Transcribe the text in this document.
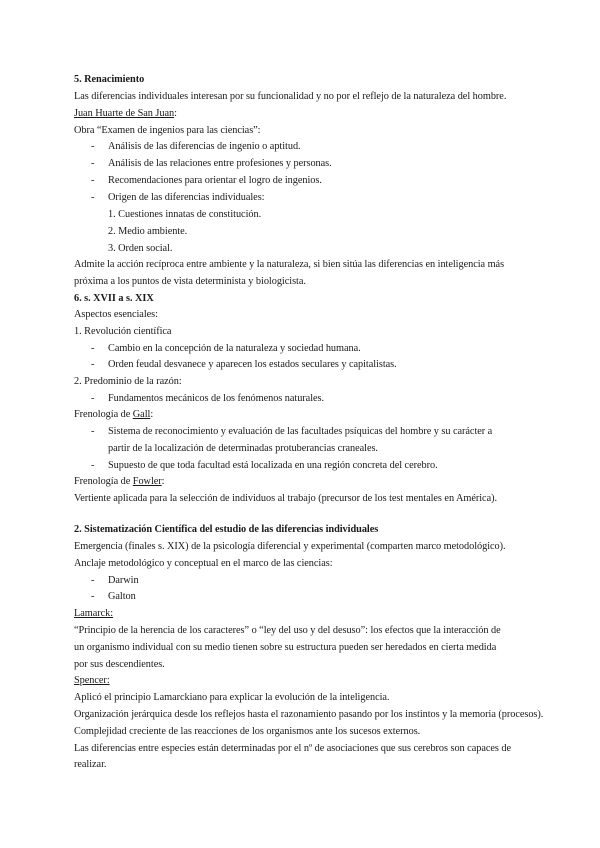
5. Renacimiento
Las diferencias individuales interesan por su funcionalidad y no por el reflejo de la naturaleza del hombre.
Juan Huarte de San Juan:
Obra “Examen de ingenios para las ciencias”:
- Análisis de las diferencias de ingenio o aptitud.
- Análisis de las relaciones entre profesiones y personas.
- Recomendaciones para orientar el logro de ingenios.
- Origen de las diferencias individuales:
1. Cuestiones innatas de constitución.
2. Medio ambiente.
3. Orden social.
Admite la acción recíproca entre ambiente y la naturaleza, si bien sitúa las diferencias en inteligencia más
próxima a los puntos de vista determinista y biologicista.
6. s. XVII a s. XIX
Aspectos esenciales:
1. Revolución científica
- Cambio en la concepción de la naturaleza y sociedad humana.
- Orden feudal desvanece y aparecen los estados seculares y capitalistas.
2. Predominio de la razón:
- Fundamentos mecánicos de los fenómenos naturales.
Frenología de Gall:
- Sistema de reconocimiento y evaluación de las facultades psíquicas del hombre y su carácter a
partir de la localización de determinadas protuberancias craneales.
- Supuesto de que toda facultad está localizada en una región concreta del cerebro.
Frenología de Fowler:
Vertiente aplicada para la selección de individuos al trabajo (precursor de los test mentales en América).
2. Sistematización Científica del estudio de las diferencias individuales
Emergencia (finales s. XIX) de la psicología diferencial y experimental (comparten marco metodológico).
Anclaje metodológico y conceptual en el marco de las ciencias:
- Darwin
- Galton
Lamarck:
“Principio de la herencia de los caracteres” o “ley del uso y del desuso”: los efectos que la interacción de
un organismo individual con su medio tienen sobre su estructura pueden ser heredados en cierta medida
por sus descendientes.
Spencer:
Aplicó el principio Lamarckiano para explicar la evolución de la inteligencia.
Organización jerárquica desde los reflejos hasta el razonamiento pasando por los instintos y la memoria (procesos).
Complejidad creciente de las reacciones de los organismos ante los sucesos externos.
Las diferencias entre especies están determinadas por el nº de asociaciones que sus cerebros son capaces de
realizar.
